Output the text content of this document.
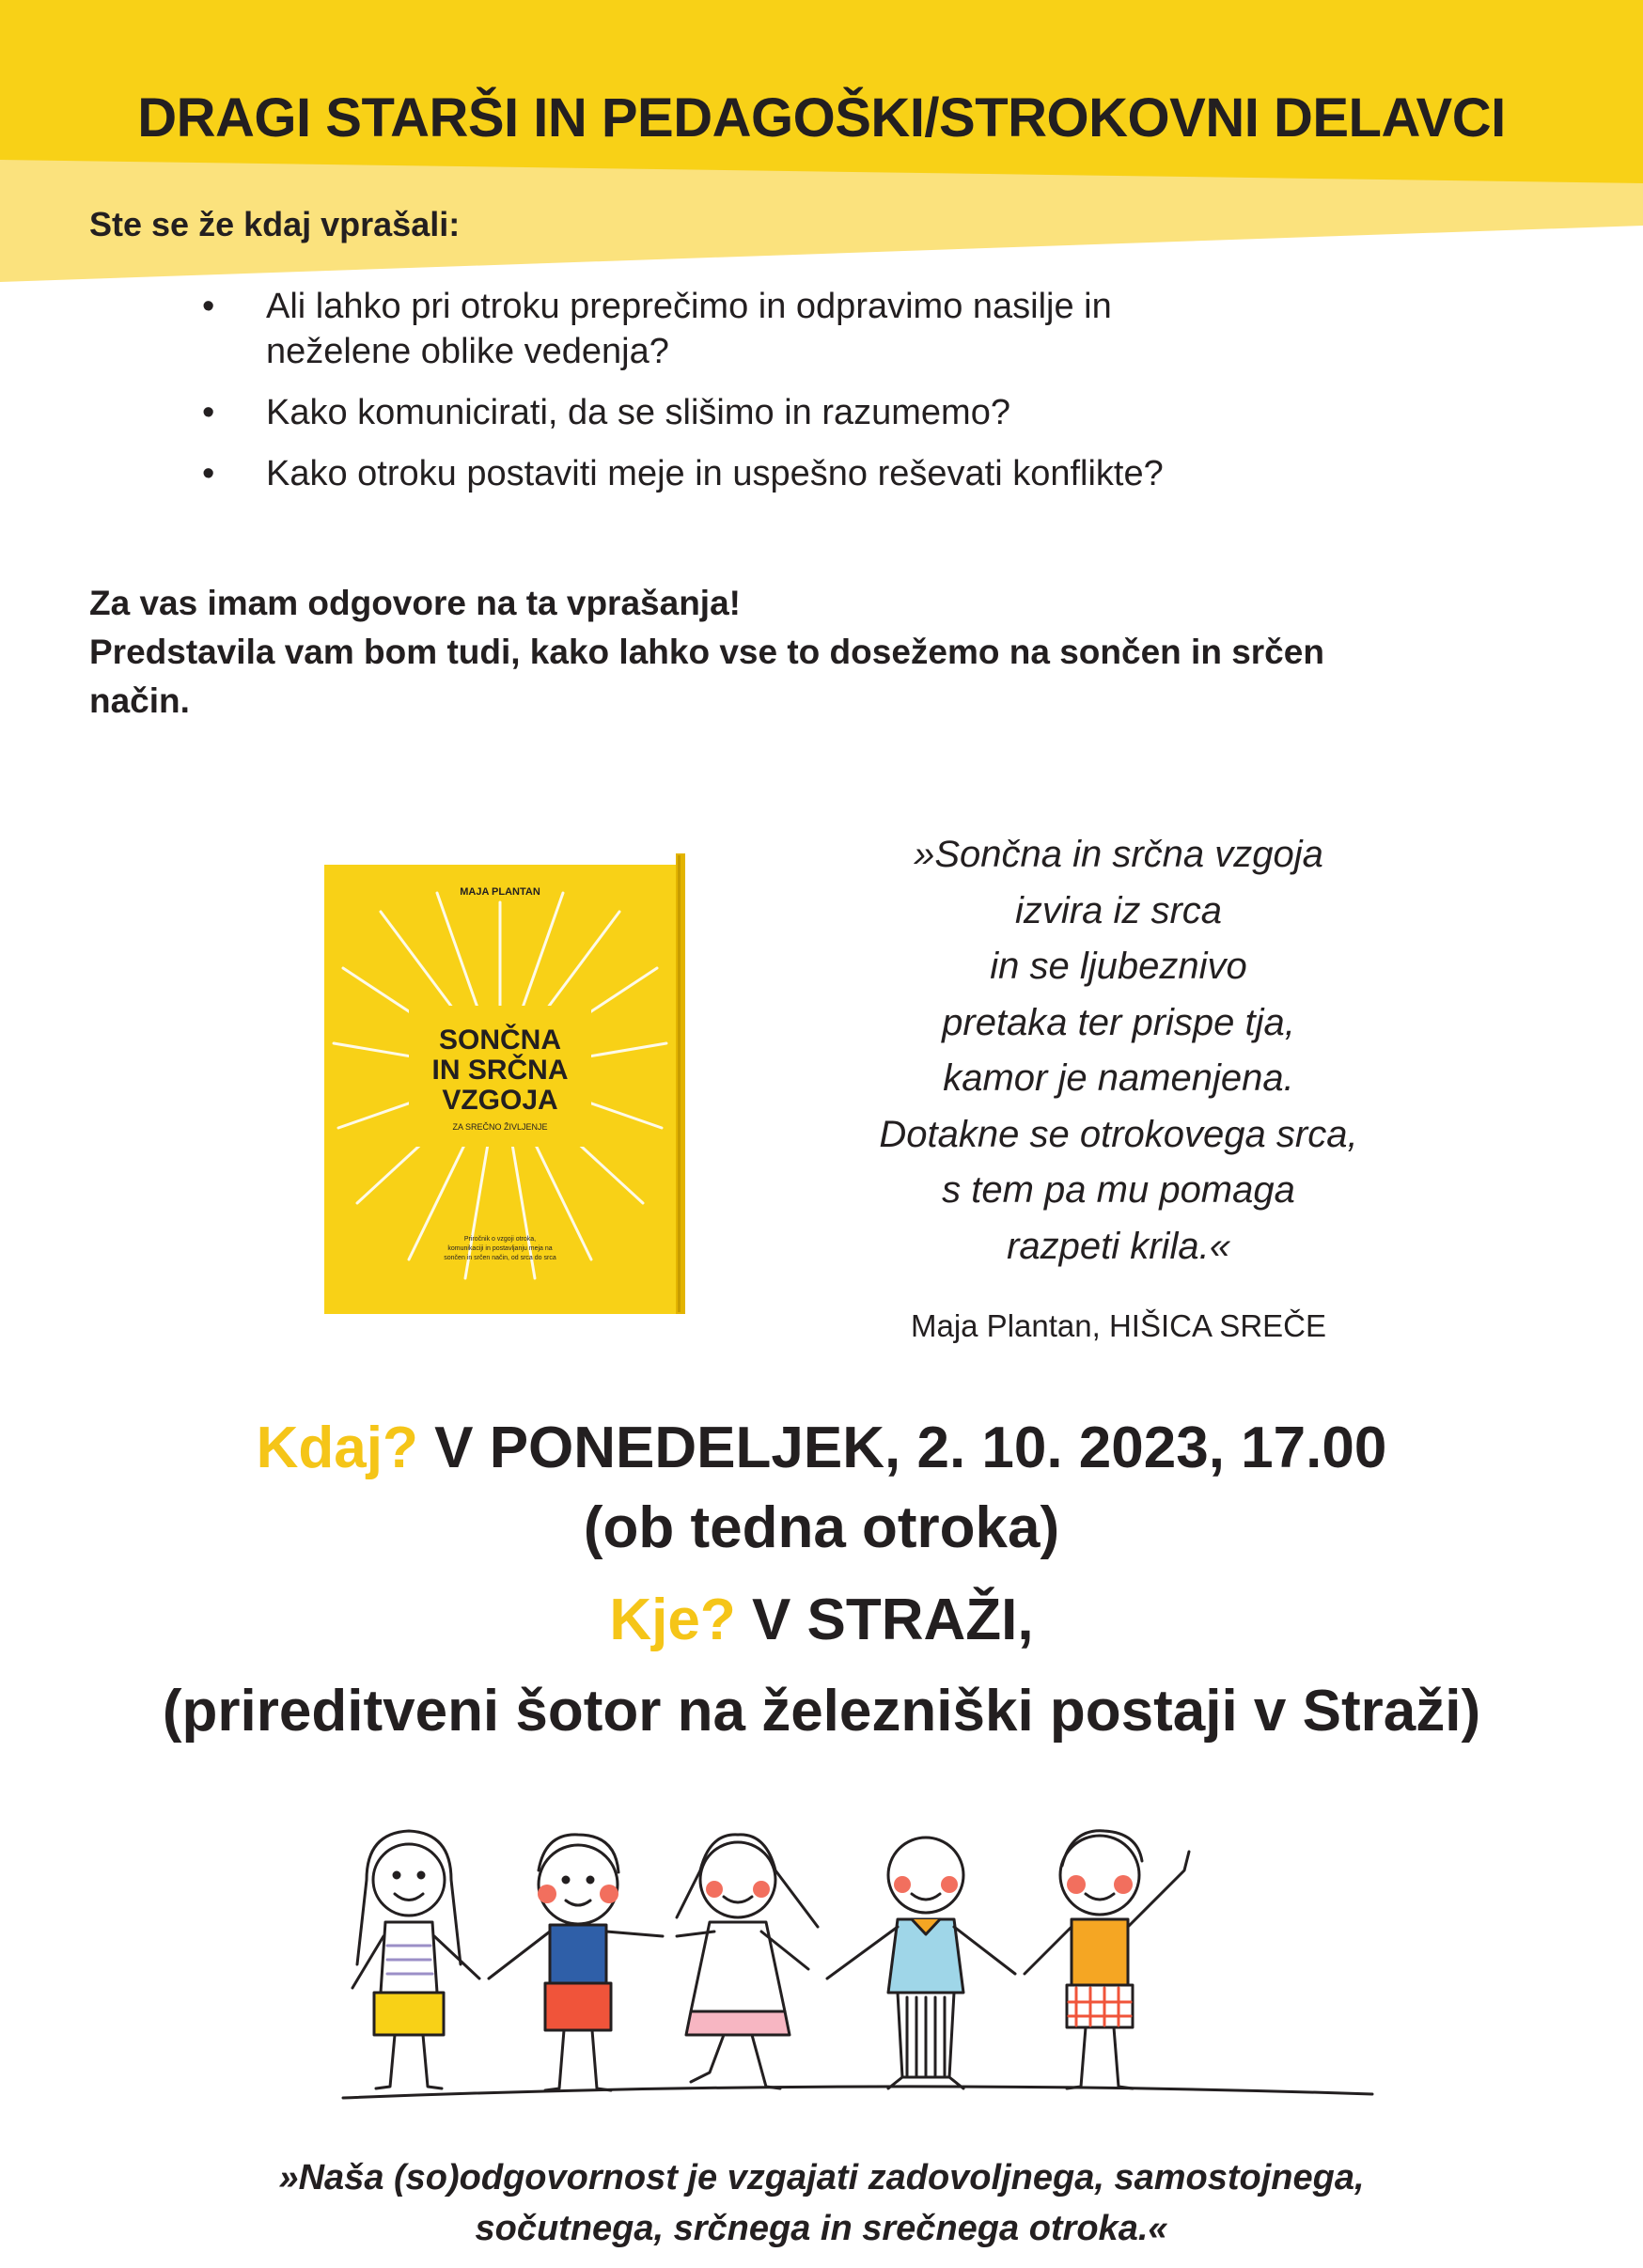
DRAGI STARŠI IN PEDAGOŠKI/STROKOVNI DELAVCI
Ste se že kdaj vprašali:
• Ali lahko pri otroku preprečimo in odpravimo nasilje in
neželene oblike vedenja?
• Kako komunicirati, da se slišimo in razumemo?
• Kako otroku postaviti meje in uspešno reševati konflikte?
Za vas imam odgovore na ta vprašanja!
Predstavila vam bom tudi, kako lahko vse to dosežemo na sončen in srčen
način.
MAJA PLANTAN
SONČNA
IN SRČNA
VZGOJA
ZA SREČNO ŽIVLJENJE
Priročnik o vzgoji otroka,
komunikaciji in postavljanju meja na
sončen in srčen način, od srca do srca
»Sončna in srčna vzgoja
izvira iz srca
in se ljubeznivo
pretaka ter prispe tja,
kamor je namenjena.
Dotakne se otrokovega srca,
s tem pa mu pomaga
razpeti krila.«
Maja Plantan, HIŠICA SREČE
Kdaj? V PONEDELJEK, 2. 10. 2023, 17.00
(ob tedna otroka)
Kje? V STRAŽI,
(prireditveni šotor na železniški postaji v Straži)
»Naša (so)odgovornost je vzgajati zadovoljnega, samostojnega,
sočutnega, srčnega in srečnega otroka.«
